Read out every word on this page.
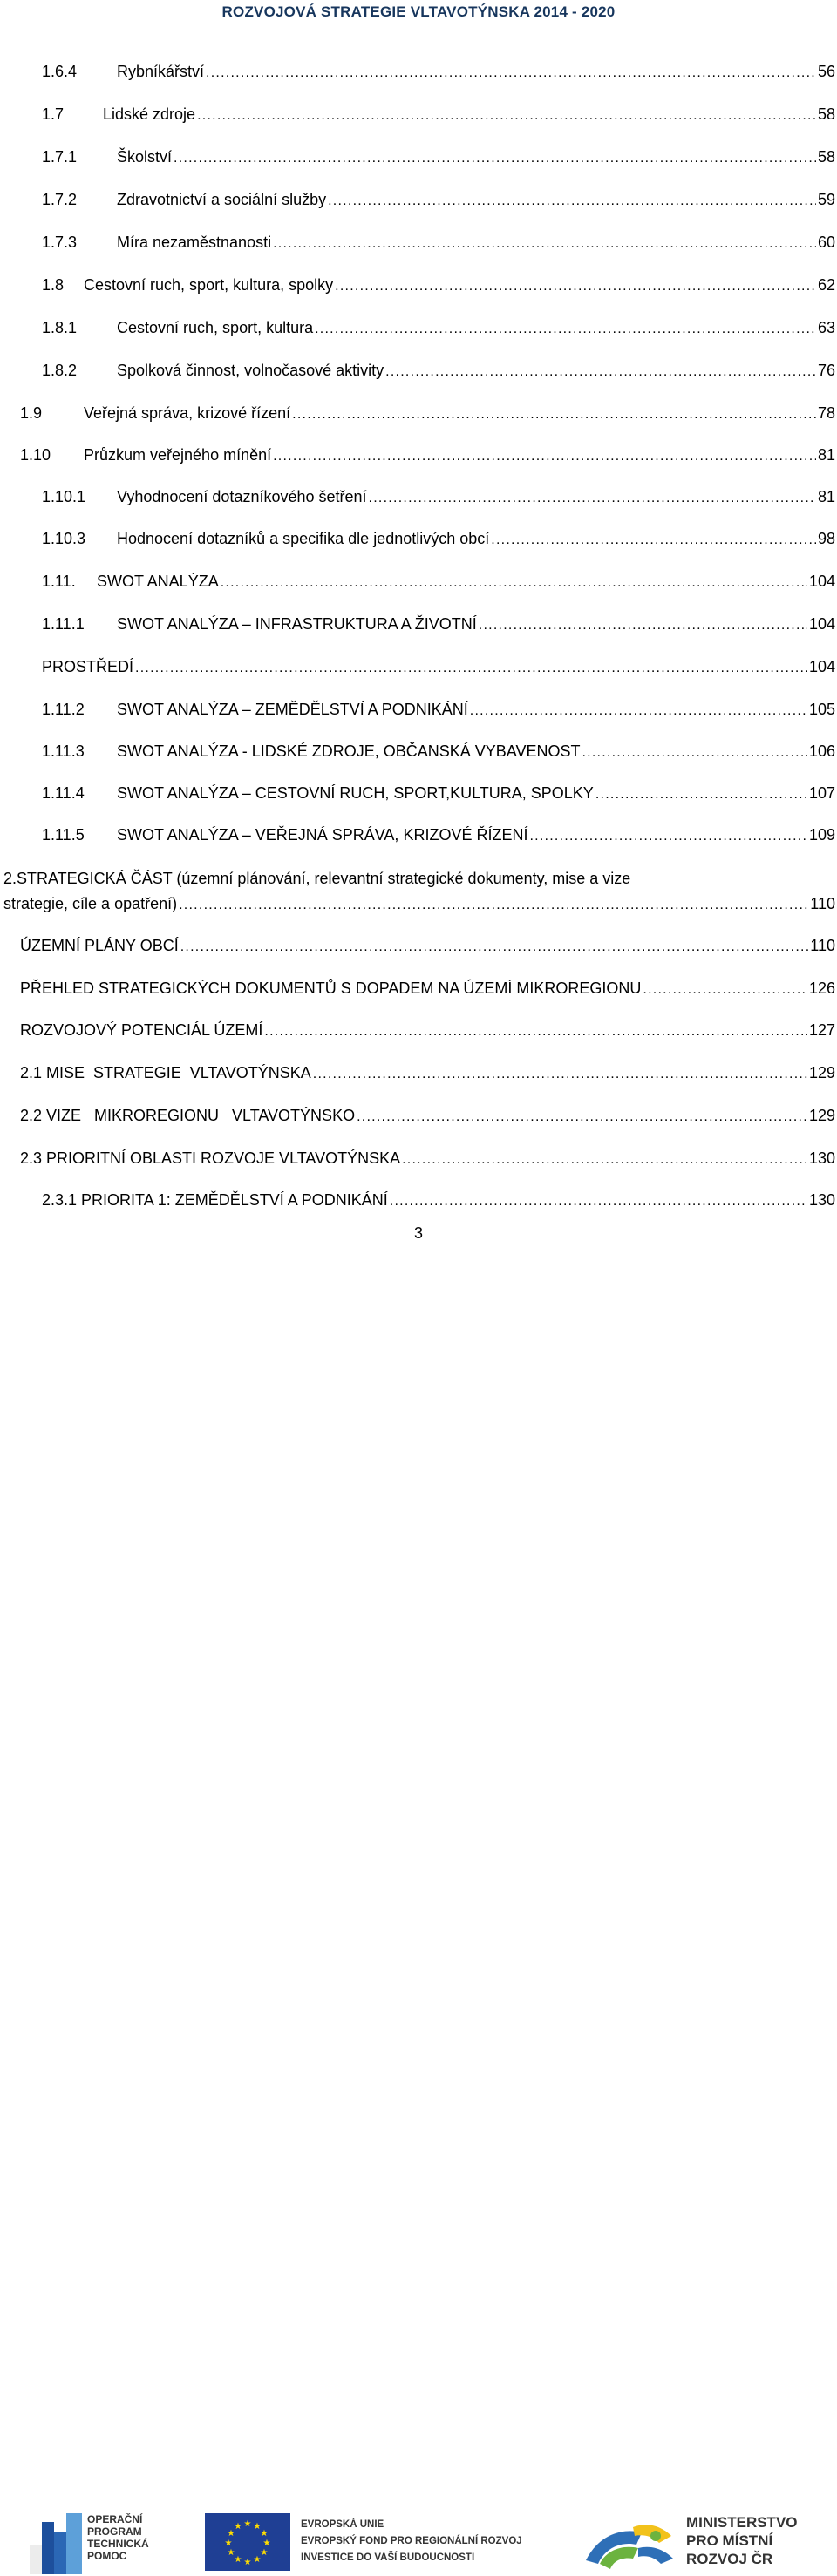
ROZVOJOVÁ STRATEGIE VLTAVOTÝNSKA 2014 - 2020
1.6.4	Rybníkářství . . .	56
1.7	Lidské zdroje . . .	58
1.7.1	Školství . . .	58
1.7.2	Zdravotnictví a sociální služby . . .	59
1.7.3	Míra nezaměstnanosti . . .	60
1.8	Cestovní ruch, sport, kultura, spolky . . .	62
1.8.1	Cestovní ruch, sport, kultura . . .	63
1.8.2	Spolková činnost, volnočasové aktivity . . .	76
1.9	Veřejná správa, krizové řízení . . .	78
1.10	Průzkum veřejného mínění . . .	81
1.10.1	Vyhodnocení dotazníkového šetření . . .	81
1.10.3	Hodnocení dotazníků a specifika dle jednotlivých obcí . . .	98
1.11.	SWOT ANALÝZA . . .	104
1.11.1	SWOT ANALÝZA – INFRASTRUKTURA A ŽIVOTNÍ . . .	104
PROSTŘEDÍ . . .	104
1.11.2	SWOT ANALÝZA – ZEMĚDĚLSTVÍ A PODNIKÁNÍ . . .	105
1.11.3	SWOT ANALÝZA - LIDSKÉ ZDROJE, OBČANSKÁ VYBAVENOST . . .	106
1.11.4	SWOT ANALÝZA – CESTOVNÍ RUCH, SPORT,KULTURA, SPOLKY . . .	107
1.11.5	SWOT ANALÝZA – VEŘEJNÁ SPRÁVA, KRIZOVÉ ŘÍZENÍ . . .	109
2.STRATEGICKÁ ČÁST (územní plánování, relevantní strategické dokumenty, mise a vize
strategie, cíle a opatření) . . .	110
ÚZEMNÍ PLÁNY OBCÍ . . .	110
PŘEHLED STRATEGICKÝCH DOKUMENTŮ S DOPADEM NA ÚZEMÍ MIKROREGIONU . . .	126
ROZVOJOVÝ POTENCIÁL ÚZEMÍ . . .	127
2.1 MISE  STRATEGIE  VLTAVOTÝNSKA . . .	129
2.2 VIZE   MIKROREGIONU   VLTAVOTÝNSKO . . .	129
2.3 PRIORITNÍ OBLASTI ROZVOJE VLTAVOTÝNSKA . . .	130
2.3.1 PRIORITA 1: ZEMĚDĚLSTVÍ A PODNIKÁNÍ . . .	130
3
OPERAČNÍ
PROGRAM
TECHNICKÁ
POMOC
★ ★
★
★
★
★
★
★
★
★
★
★	EVROPSKÁ UNIE
EVROPSKÝ FOND PRO REGIONÁLNÍ ROZVOJ
INVESTICE DO VAŠÍ BUDOUCNOSTI
MINISTERSTVO
PRO MÍSTNÍ
ROZVOJ ČR
